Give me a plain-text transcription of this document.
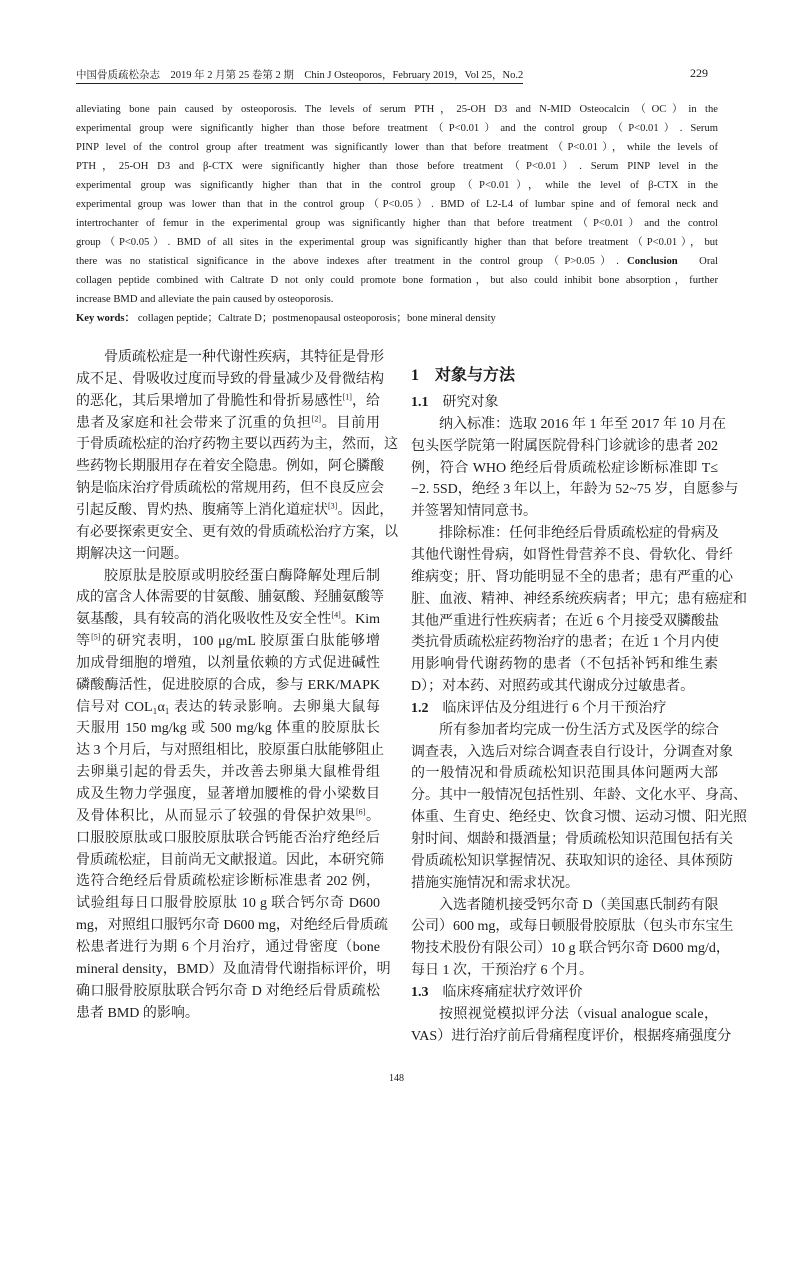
中国骨质疏松杂志　2019 年 2 月第 25 卷第 2 期　Chin J Osteoporos，February 2019，Vol 25，No.2	229
alleviating bone pain caused by osteoporosis. The levels of serum PTH，25-OH D3 and N-MID Osteocalcin（OC）in the
experimental group were significantly higher than those before treatment（P<0.01）and the control group（P<0.01）. Serum
PINP level of the control group after treatment was significantly lower than that before treatment（P<0.01），while the levels of
PTH，25-OH D3 and β-CTX were significantly higher than those before treatment（P<0.01）. Serum PINP level in the
experimental group was significantly higher than that in the control group（P<0.01），while the level of β-CTX in the
experimental group was lower than that in the control group（P<0.05）. BMD of L2-L4 of lumbar spine and of femoral neck and
intertrochanter of femur in the experimental group was significantly higher than that before treatment（P<0.01）and the control
group（P<0.05）. BMD of all sites in the experimental group was significantly higher than that before treatment（P<0.01），but
there was no statistical significance in the above indexes after treatment in the control group（P>0.05）. Conclusion　Oral
collagen peptide combined with Caltrate D not only could promote bone formation，but also could inhibit bone absorption，further
increase BMD and alleviate the pain caused by osteoporosis.
Key words： collagen peptide；Caltrate D；postmenopausal osteoporosis；bone mineral density
骨质疏松症是一种代谢性疾病，其特征是骨形
成不足、骨吸收过度而导致的骨量减少及骨微结构
的恶化，其后果增加了骨脆性和骨折易感性[1]，给
患者及家庭和社会带来了沉重的负担[2]。目前用
于骨质疏松症的治疗药物主要以西药为主，然而，这
些药物长期服用存在着安全隐患。例如，阿仑膦酸
钠是临床治疗骨质疏松的常规用药，但不良反应会
引起反酸、胃灼热、腹痛等上消化道症状[3]。因此，
有必要探索更安全、更有效的骨质疏松治疗方案，以
期解决这一问题。
胶原肽是胶原或明胶经蛋白酶降解处理后制
成的富含人体需要的甘氨酸、脯氨酸、羟脯氨酸等
氨基酸，具有较高的消化吸收性及安全性[4]。Kim
等[5]的研究表明，100 μg/mL 胶原蛋白肽能够增
加成骨细胞的增殖，以剂量依赖的方式促进碱性
磷酸酶活性，促进胶原的合成，参与 ERK/MAPK
信号对 COL₁α₁ 表达的转录影响。去卵巢大鼠每
天服用 150 mg/kg 或 500 mg/kg 体重的胶原肽长
达 3 个月后，与对照组相比，胶原蛋白肽能够阻止
去卵巢引起的骨丢失，并改善去卵巢大鼠椎骨组
成及生物力学强度，显著增加腰椎的骨小梁数目
及骨体积比，从而显示了较强的骨保护效果[6]。
口服胶原肽或口服胶原肽联合钙能否治疗绝经后
骨质疏松症，目前尚无文献报道。因此，本研究筛
选符合绝经后骨质疏松症诊断标准患者 202 例，
试验组每日口服骨胶原肽 10 g 联合钙尔奇 D600
mg，对照组口服钙尔奇 D600 mg，对绝经后骨质疏
松患者进行为期 6 个月治疗，通过骨密度（bone
mineral density，BMD）及血清骨代谢指标评价，明
确口服骨胶原肽联合钙尔奇 D 对绝经后骨质疏松
患者 BMD 的影响。
1　对象与方法
1.1 研究对象
纳入标准：选取 2016 年 1 年至 2017 年 10 月在
包头医学院第一附属医院骨科门诊就诊的患者 202
例，符合 WHO 绝经后骨质疏松症诊断标准即 T≤
−2. 5SD，绝经 3 年以上，年龄为 52~75 岁，自愿参与
并签署知情同意书。
排除标准：任何非绝经后骨质疏松症的骨病及
其他代谢性骨病，如肾性骨营养不良、骨软化、骨纤
维病变；肝、肾功能明显不全的患者；患有严重的心
脏、血液、精神、神经系统疾病者；甲亢；患有癌症和
其他严重进行性疾病者；在近 6 个月接受双膦酸盐
类抗骨质疏松症药物治疗的患者；在近 1 个月内使
用影响骨代谢药物的患者（不包括补钙和维生素
D）；对本药、对照药或其代谢成分过敏患者。
1.2 临床评估及分组进行 6 个月干预治疗
所有参加者均完成一份生活方式及医学的综合
调查表，入选后对综合调查表自行设计，分调查对象
的一般情况和骨质疏松知识范围具体问题两大部
分。其中一般情况包括性别、年龄、文化水平、身高、
体重、生育史、绝经史、饮食习惯、运动习惯、阳光照
射时间、烟龄和摄酒量；骨质疏松知识范围包括有关
骨质疏松知识掌握情况、获取知识的途径、具体预防
措施实施情况和需求状况。
入选者随机接受钙尔奇 D（美国惠氏制药有限
公司）600 mg，或每日顿服骨胶原肽（包头市东宝生
物技术股份有限公司）10 g 联合钙尔奇 D600 mg/d，
每日 1 次，干预治疗 6 个月。
1.3 临床疼痛症状疗效评价
按照视觉模拟评分法（visual analogue scale，
VAS）进行治疗前后骨痛程度评价，根据疼痛强度分
148
